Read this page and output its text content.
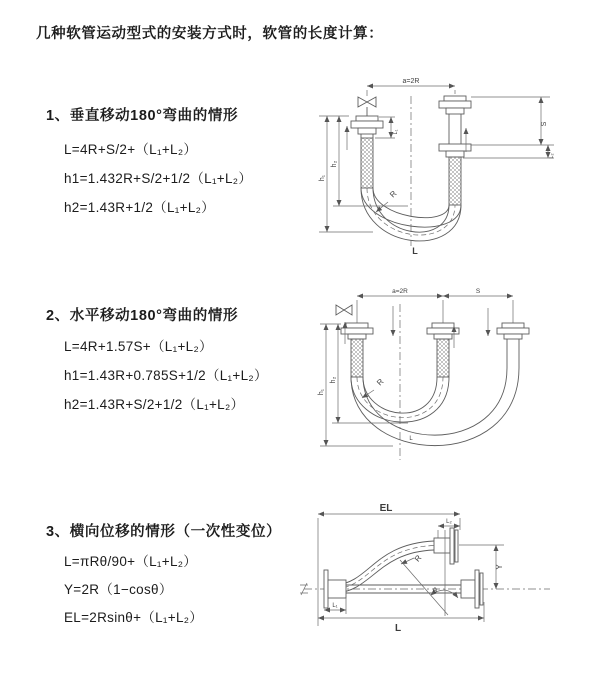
几种软管运动型式的安装方式时，软管的长度计算：
1、垂直移动180°弯曲的情形
L=4R+S/2+（L₁+L₂）
h1=1.432R+S/2+1/2（L₁+L₂）
h2=1.43R+1/2（L₁+L₂）
a=2R
S
L₂
L₁
h₁
h₂
R
L
2、水平移动180°弯曲的情形
L=4R+1.57S+（L₁+L₂）
h1=1.43R+0.785S+1/2（L₁+L₂）
h2=1.43R+S/2+1/2（L₁+L₂）
a=2R	S
h₁
h₂	R
L
3、横向位移的情形（一次性变位）
L=πRθ/90+（L₁+L₂）
Y=2R（1−cosθ）
EL=2Rsinθ+（L₁+L₂）
EL
L₂
L₁
L
Y
R
θ
